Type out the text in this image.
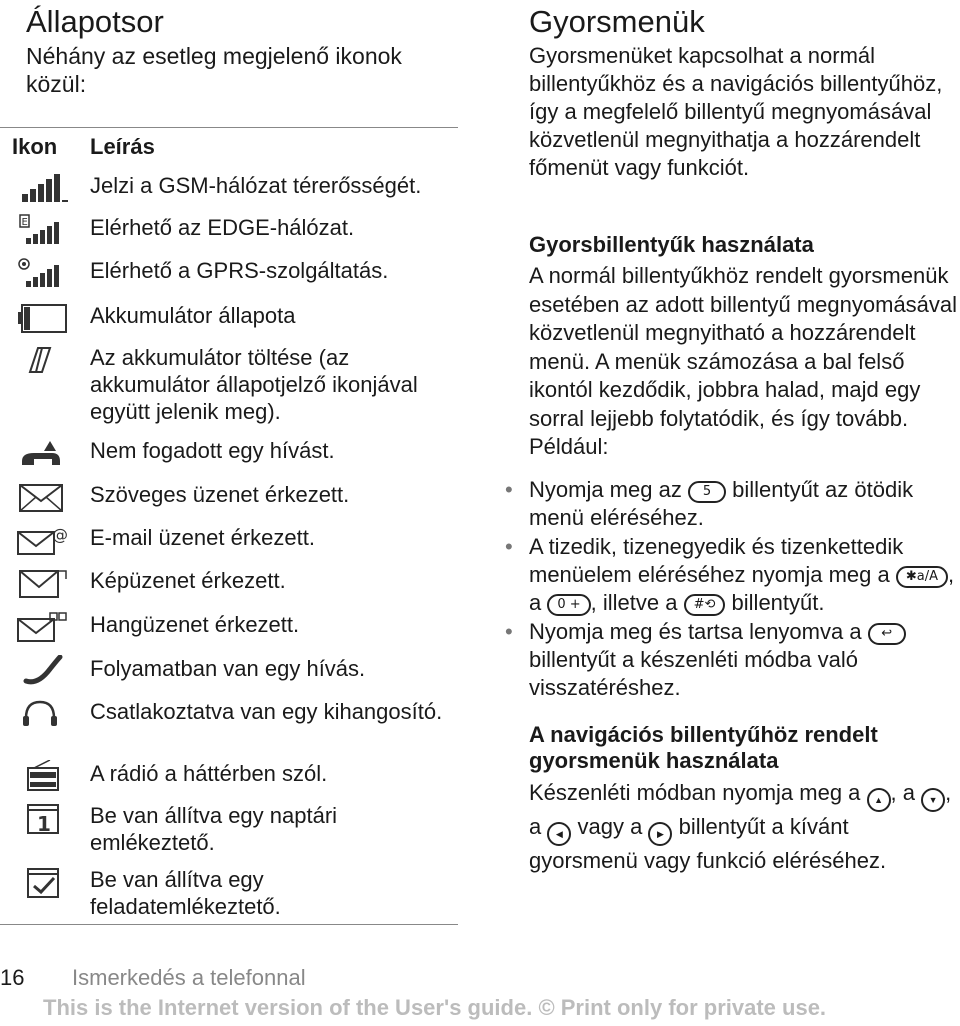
Állapotsor
Néhány az esetleg megjelenő ikonok közül:
Ikon Leírás
Jelzi a GSM-hálózat térerősségét.
E	Elérhető az EDGE-hálózat.
Elérhető a GPRS-szolgáltatás.
Akkumulátor állapota
Az akkumulátor töltése (az akkumulátor állapotjelző ikonjával együtt jelenik meg).
Nem fogadott egy hívást.
Szöveges üzenet érkezett.
@ E-mail üzenet érkezett.
Képüzenet érkezett.
Hangüzenet érkezett.
Folyamatban van egy hívás.
Csatlakoztatva van egy kihangosító.
A rádió a háttérben szól.
1 Be van állítva egy naptári emlékeztető.
Be van állítva egy feladatemlékeztető.
Gyorsmenük
Gyorsmenüket kapcsolhat a normál billentyűkhöz és a navigációs billentyűhöz, így a megfelelő billentyű megnyomásával közvetlenül megnyithatja a hozzárendelt főmenüt vagy funkciót.
Gyorsbillentyűk használata
A normál billentyűkhöz rendelt gyorsmenük esetében az adott billentyű megnyomásával közvetlenül megnyitható a hozzárendelt menü. A menük számozása a bal felső ikontól kezdődik, jobbra halad, majd egy sorral lejjebb folytatódik, és így tovább. Például:
• Nyomja meg az 5 billentyűt az ötödik menü eléréséhez.
• A tizedik, tizenegyedik és tizenkettedik menüelem eléréséhez nyomja meg a ✱a/A , a 0 + , illetve a #⟲ billentyűt.
• Nyomja meg és tartsa lenyomva a ↩ billentyűt a készenléti módba való visszatéréshez.
A navigációs billentyűhöz rendelt gyorsmenük használata
Készenléti módban nyomja meg a ▲ , a ▼ , a ◀ vagy a ▶ billentyűt a kívánt gyorsmenü vagy funkció eléréséhez.
16 Ismerkedés a telefonnal
This is the Internet version of the User's guide. © Print only for private use.
